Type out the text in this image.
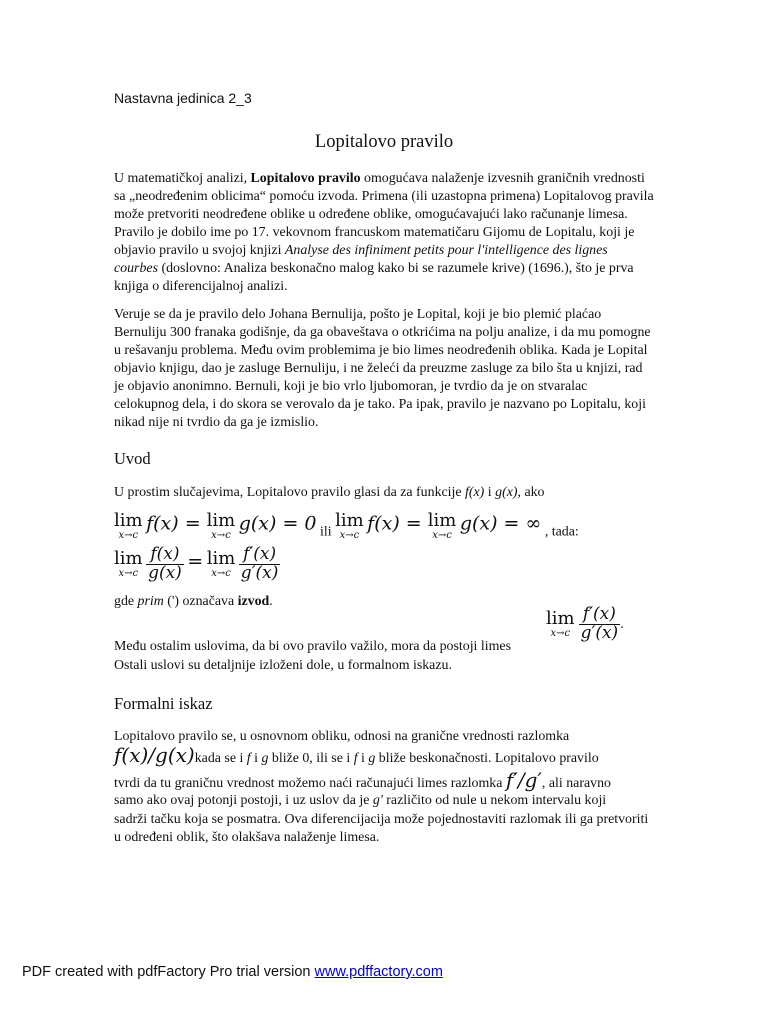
Nastavna jedinica 2_3
Lopitalovo pravilo

U matematičkoj analizi, Lopitalovo pravilo omogućava nalaženje izvesnih graničnih vrednosti sa „neodređenim oblicima“ pomoću izvoda. Primena (ili uzastopna primena) Lopitalovog pravila može pretvoriti neodređene oblike u određene oblike, omogućavajući lako računanje limesa. Pravilo je dobilo ime po 17. vekovnom francuskom matematičaru Gijomu de Lopitalu, koji je objavio pravilo u svojoj knjizi Analyse des infiniment petits pour l'intelligence des lignes courbes (doslovno: Analiza beskonačno malog kako bi se razumele krive) (1696.), što je prva knjiga o diferencijalnoj analizi.

Veruje se da je pravilo delo Johana Bernulija, pošto je Lopital, koji je bio plemić plaćao Bernuliju 300 franaka godišnje, da ga obaveštava o otkrićima na polju analize, i da mu pomogne u rešavanju problema. Među ovim problemima je bio limes neodređenih oblika. Kada je Lopital objavio knjigu, dao je zasluge Bernuliju, i ne želeći da preuzme zasluge za bilo šta u knjizi, rad je objavio anonimno. Bernuli, koji je bio vrlo ljubomoran, je tvrdio da je on stvaralac celokupnog dela, i do skora se verovalo da je tako. Pa ipak, pravilo je nazvano po Lopitalu, koji nikad nije ni tvrdio da ga je izmislio.

Uvod
U prostim slučajevima, Lopitalovo pravilo glasi da za funkcije f(x) i g(x), ako
lim
x→c
f(x) = lim
x→c
g(x) = 0 ili
lim
x→c
f(x) = lim
x→c
g(x) = ∞ , tada:
lim
x→c
$\frac{f(x)}{g(x)} = \lim$
x→c
$\frac{f'(x)}{g'(x)}$
gde prim (') označava izvod.
Među ostalim uslovima, da bi ovo pravilo važilo, mora da postoji limes
lim
x→c
$\frac{f'(x)}{g'(x)}$ .
Ostali uslovi su detaljnije izloženi dole, u formalnom iskazu.
Formalni iskaz
Lopitalovo pravilo se, u osnovnom obliku, odnosi na granične vrednosti razlomka
f(x)/g(x)kada se i f i g bliže 0, ili se i f i g bliže beskonačnosti. Lopitalovo pravilo
tvrdi da tu graničnu vrednost možemo naći računajući limes razlomka f′/g′, ali naravno
samo ako ovaj potonji postoji, i uz uslov da je g' različito od nule u nekom intervalu koji

sadrži tačku koja se posmatra. Ova diferencijacija može pojednostaviti razlomak ili ga pretvoriti u određeni oblik, što olakšava nalaženje limesa.

PDF created with pdfFactory Pro trial version www.pdffactory.com
